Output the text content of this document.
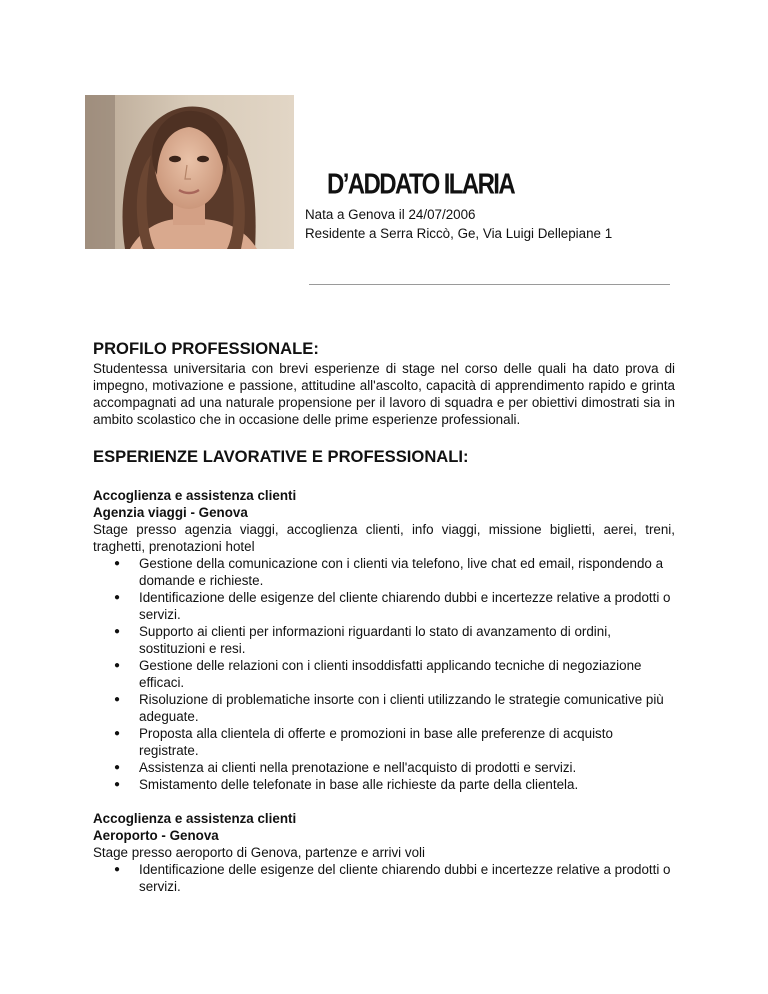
D’ADDATO ILARIA
Nata a Genova il 24/07/2006
Residente a Serra Riccò, Ge, Via Luigi Dellepiane 1
PROFILO PROFESSIONALE:

Studentessa universitaria con brevi esperienze di stage nel corso delle quali ha dato prova di impegno, motivazione e passione, attitudine all'ascolto, capacità di apprendimento rapido e grinta accompagnati ad una naturale propensione per il lavoro di squadra e per obiettivi dimostrati sia in ambito scolastico che in occasione delle prime esperienze professionali.

ESPERIENZE LAVORATIVE E PROFESSIONALI:

Accoglienza e assistenza clienti

Agenzia viaggi - Genova

Stage presso agenzia viaggi, accoglienza clienti, info viaggi, missione biglietti, aerei, treni, traghetti, prenotazioni hotel

● Gestione della comunicazione con i clienti via telefono, live chat ed email, rispondendo a domande e richieste.
● Identificazione delle esigenze del cliente chiarendo dubbi e incertezze relative a prodotti o servizi.
● Supporto ai clienti per informazioni riguardanti lo stato di avanzamento di ordini, sostituzioni e resi.
● Gestione delle relazioni con i clienti insoddisfatti applicando tecniche di negoziazione efficaci.
● Risoluzione di problematiche insorte con i clienti utilizzando le strategie comunicative più adeguate.
● Proposta alla clientela di offerte e promozioni in base alle preferenze di acquisto registrate.
● Assistenza ai clienti nella prenotazione e nell'acquisto di prodotti e servizi.
● Smistamento delle telefonate in base alle richieste da parte della clientela.

Accoglienza e assistenza clienti

Aeroporto - Genova

Stage presso aeroporto di Genova, partenze e arrivi voli

● Identificazione delle esigenze del cliente chiarendo dubbi e incertezze relative a prodotti o servizi.
